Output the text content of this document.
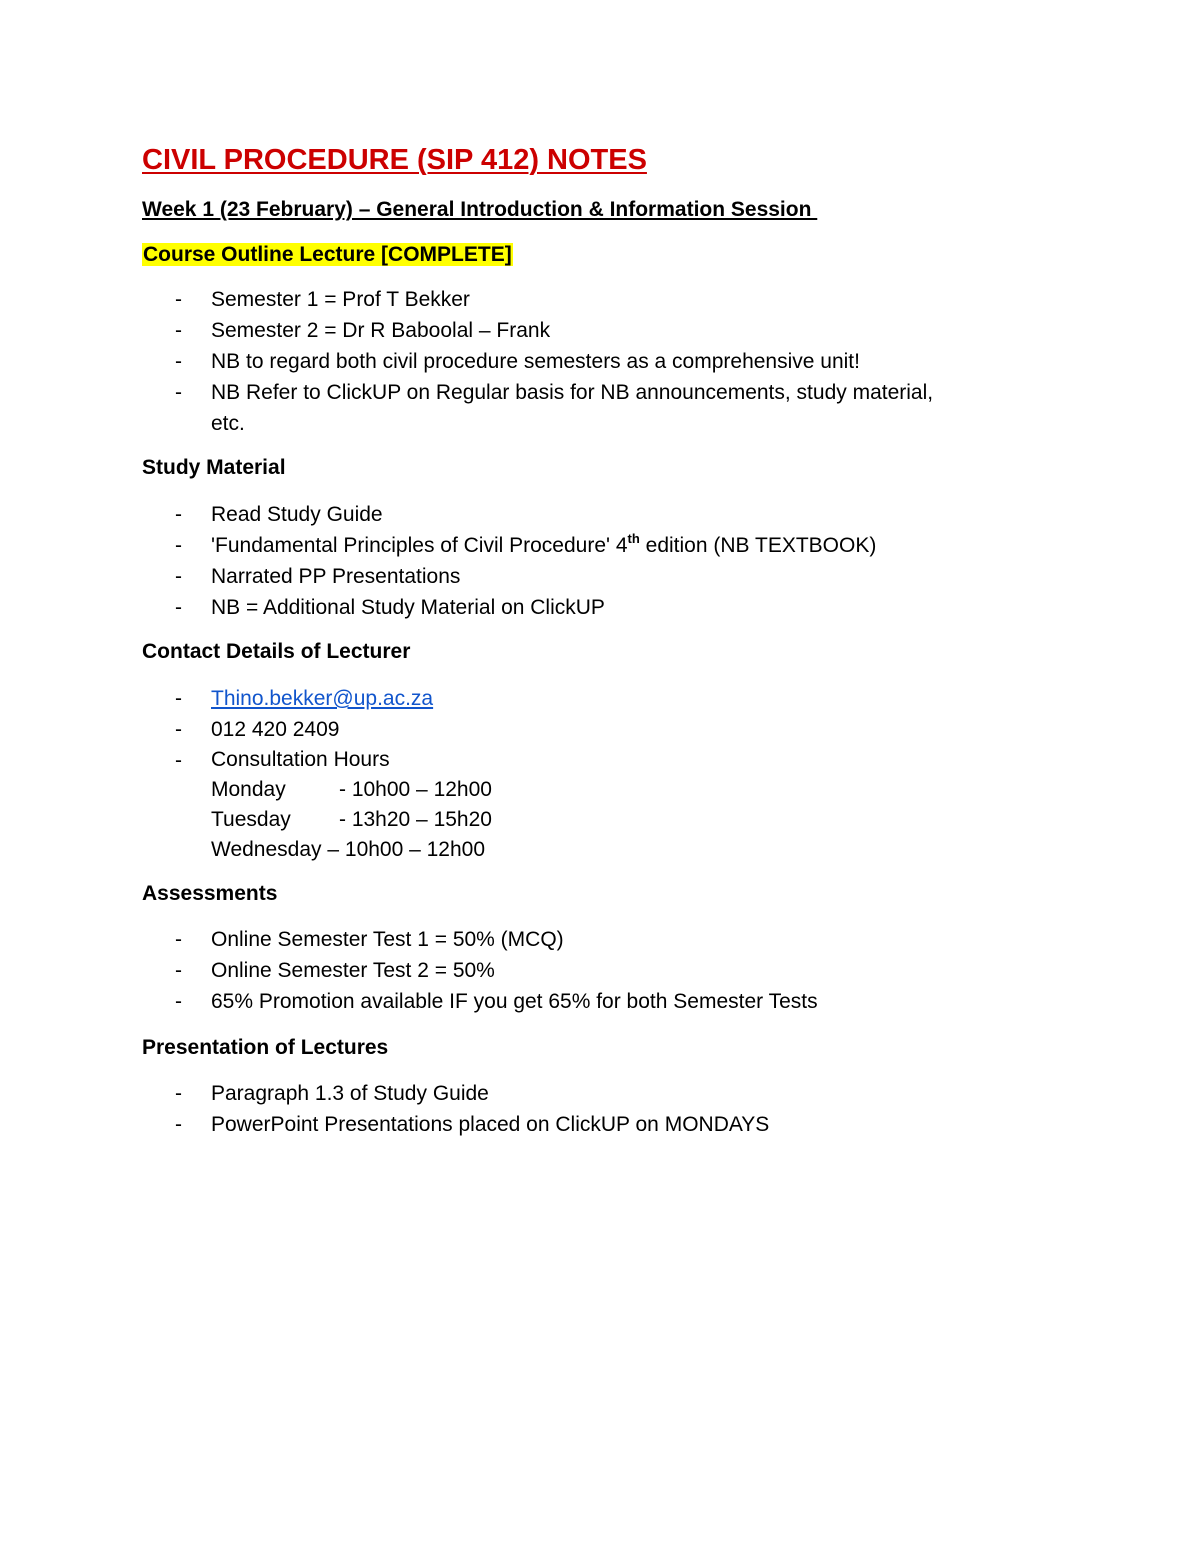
CIVIL PROCEDURE (SIP 412) NOTES
Week 1 (23 February) – General Introduction & Information Session
Course Outline Lecture [COMPLETE]
- Semester 1 = Prof T Bekker
- Semester 2 = Dr R Baboolal – Frank
- NB to regard both civil procedure semesters as a comprehensive unit!
- NB Refer to ClickUP on Regular basis for NB announcements, study material,
etc.
Study Material
- Read Study Guide
- 'Fundamental Principles of Civil Procedure' 4th edition (NB TEXTBOOK)
- Narrated PP Presentations
- NB = Additional Study Material on ClickUP
Contact Details of Lecturer
- Thino.bekker@up.ac.za
- 012 420 2409
- Consultation Hours
Monday	- 10h00 – 12h00
Tuesday - 13h20 – 15h20
Wednesday – 10h00 – 12h00
Assessments
- Online Semester Test 1 = 50% (MCQ)
- Online Semester Test 2 = 50%
- 65% Promotion available IF you get 65% for both Semester Tests
Presentation of Lectures
- Paragraph 1.3 of Study Guide
- PowerPoint Presentations placed on ClickUP on MONDAYS
